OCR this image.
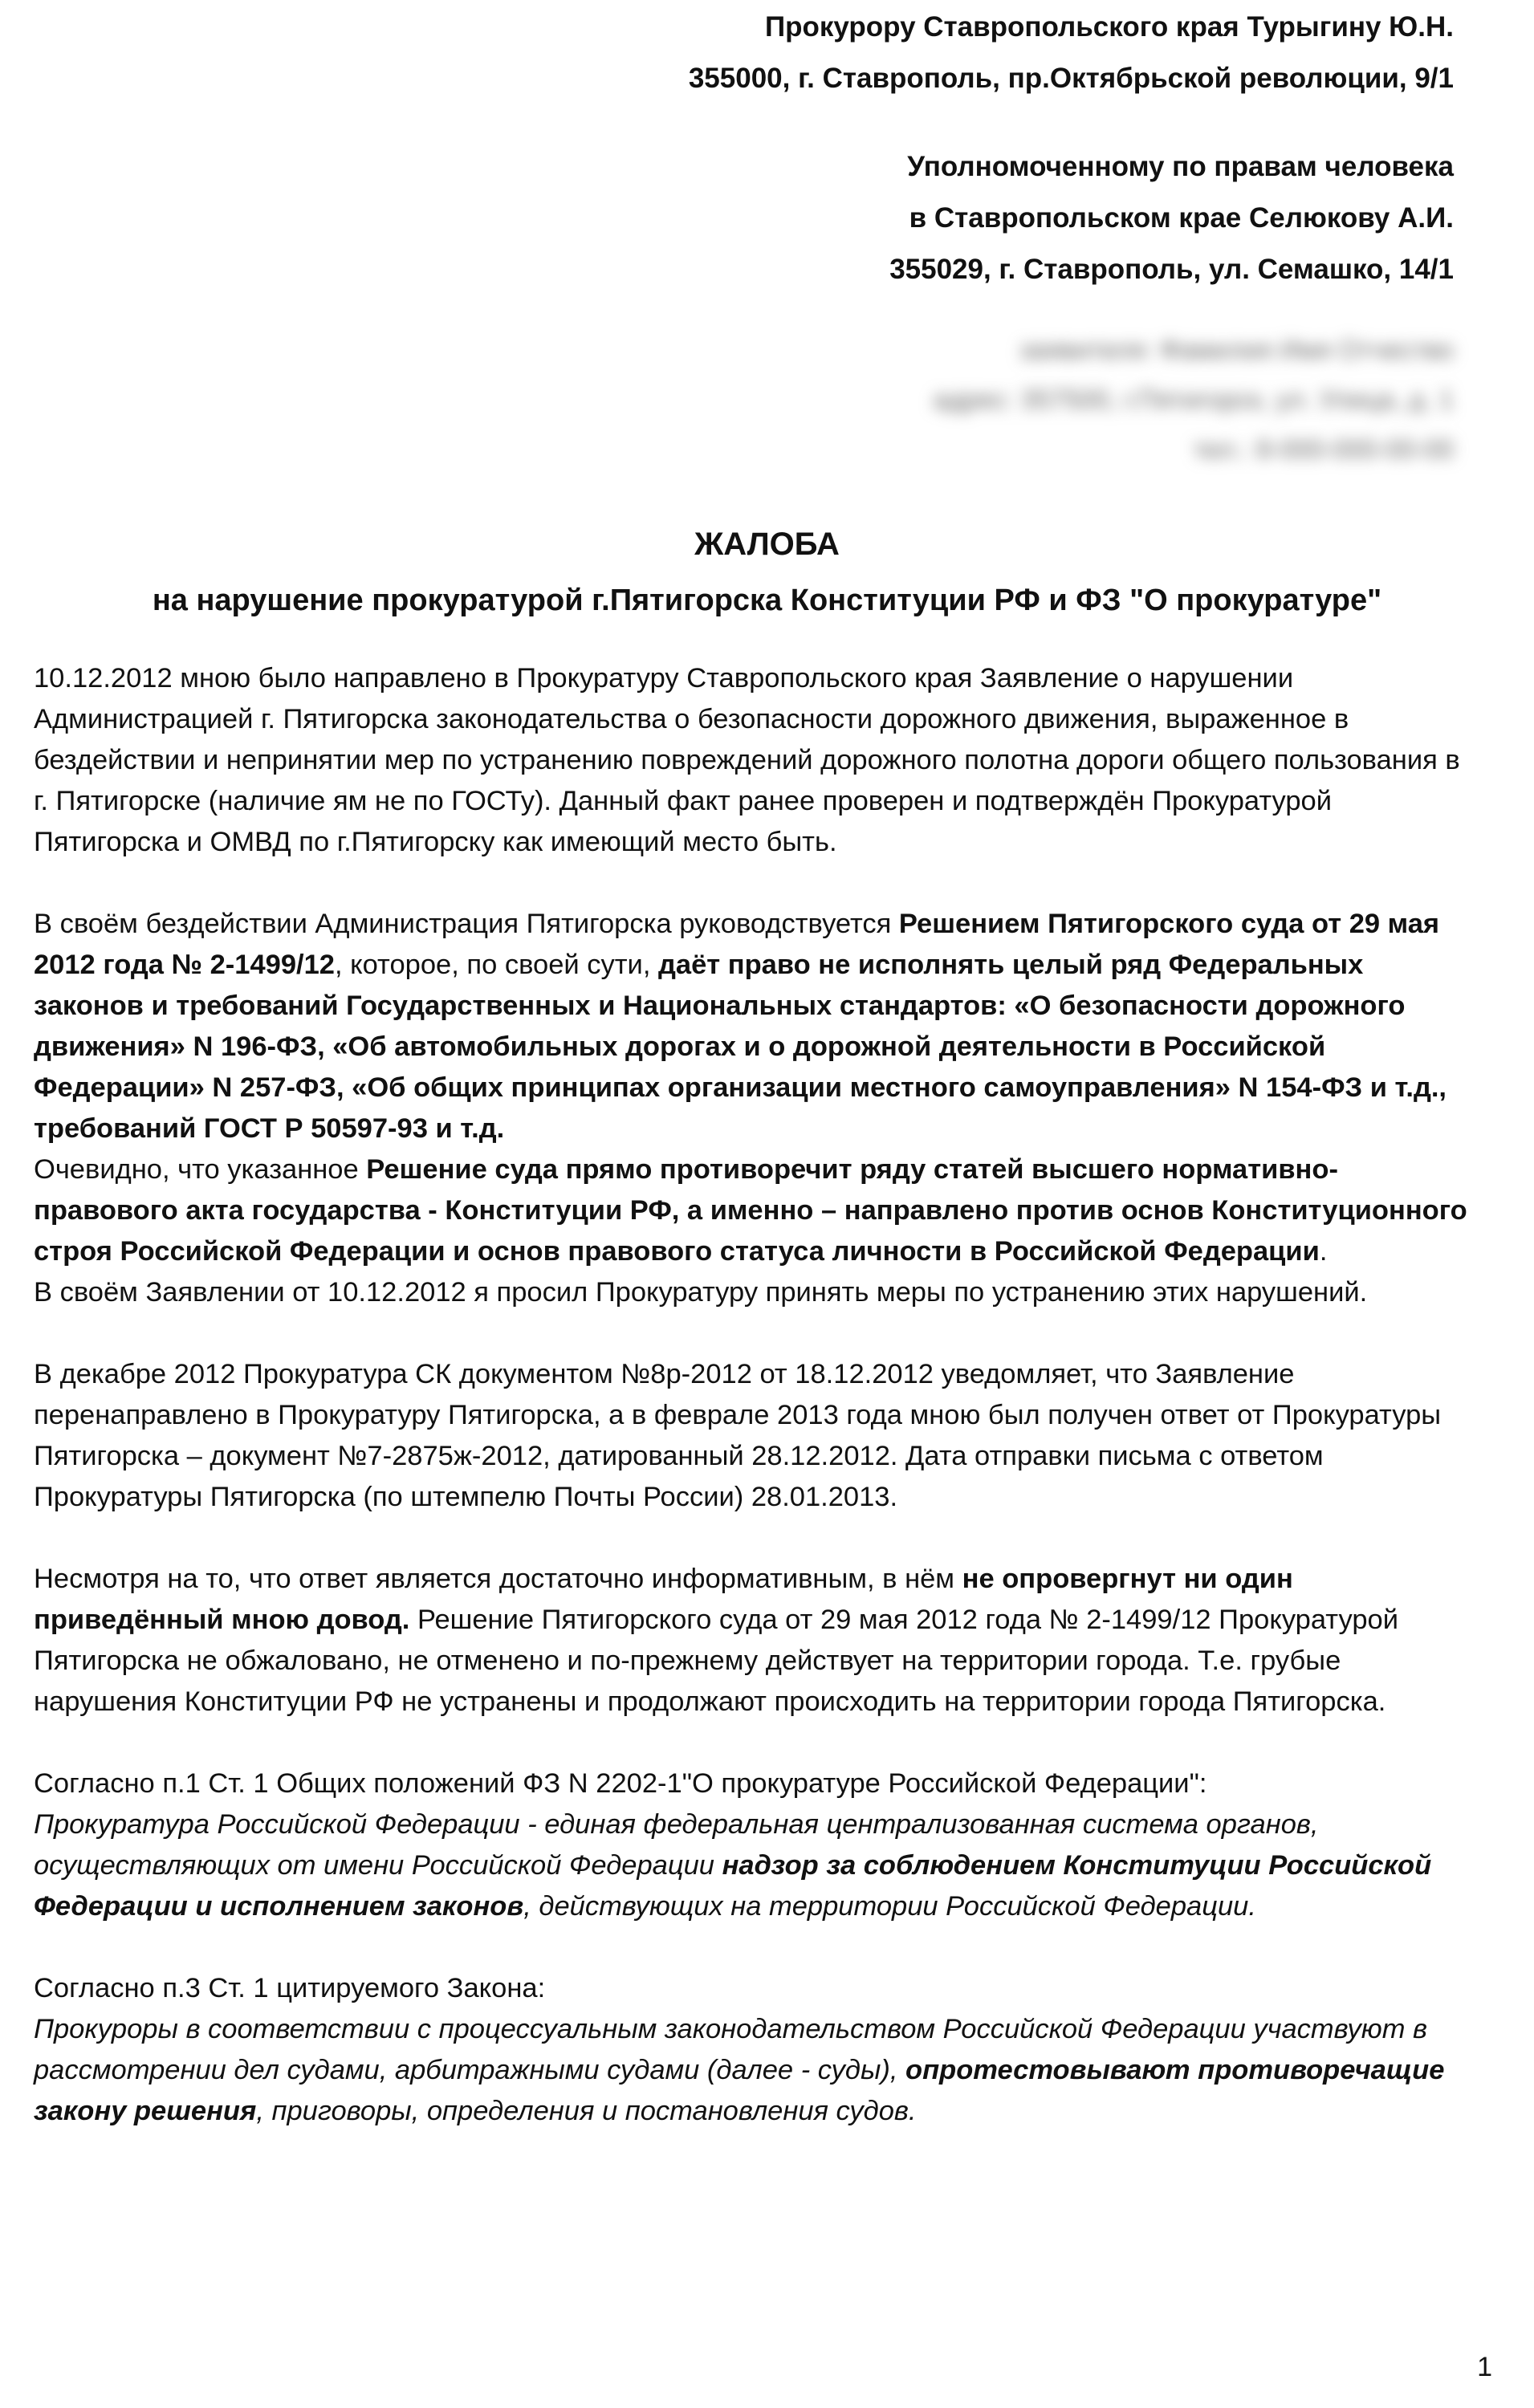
Прокурору Ставропольского края Турыгину Ю.Н.
355000, г. Ставрополь, пр.Октябрьской революции, 9/1
Уполномоченному по правам человека
в Ставропольском крае Селюкову А.И.
355029, г. Ставрополь, ул. Семашко, 14/1
заявителя: Фамилия Имя Отчество
адрес: 357500, г.Пятигорск, ул. Улица, д. 1
тел.: 8-000-000-00-00
ЖАЛОБА
на нарушение прокуратурой г.Пятигорска Конституции РФ и ФЗ "О прокуратуре"

10.12.2012 мною было направлено в Прокуратуру Ставропольского края Заявление о нарушении Администрацией г. Пятигорска законодательства о безопасности дорожного движения, выраженное в бездействии и непринятии мер по устранению повреждений дорожного полотна дороги общего пользования в г. Пятигорске (наличие ям не по ГОСТу). Данный факт ранее проверен и подтверждён Прокуратурой Пятигорска и ОМВД по г.Пятигорску как имеющий место быть.

В своём бездействии Администрация Пятигорска руководствуется Решением Пятигорского суда от 29 мая 2012 года № 2-1499/12, которое, по своей сути, даёт право не исполнять целый ряд Федеральных законов и требований Государственных и Национальных стандартов: «О безопасности дорожного движения» N 196-ФЗ, «Об автомобильных дорогах и о дорожной деятельности в Российской Федерации» N 257-ФЗ, «Об общих принципах организации местного самоуправления» N 154-ФЗ и т.д., требований ГОСТ Р 50597-93 и т.д.

Очевидно, что указанное Решение суда прямо противоречит ряду статей высшего нормативно-правового акта государства - Конституции РФ, а именно – направлено против основ Конституционного строя Российской Федерации и основ правового статуса личности в Российской Федерации.

В своём Заявлении от 10.12.2012 я просил Прокуратуру принять меры по устранению этих нарушений.

В декабре 2012 Прокуратура СК документом №8р-2012 от 18.12.2012 уведомляет, что Заявление перенаправлено в Прокуратуру Пятигорска, а в феврале 2013 года мною был получен ответ от Прокуратуры Пятигорска – документ №7-2875ж-2012, датированный 28.12.2012. Дата отправки письма с ответом Прокуратуры Пятигорска (по штемпелю Почты России) 28.01.2013.

Несмотря на то, что ответ является достаточно информативным, в нём не опровергнут ни один приведённый мною довод. Решение Пятигорского суда от 29 мая 2012 года № 2-1499/12 Прокуратурой Пятигорска не обжаловано, не отменено и по-прежнему действует на территории города. Т.е. грубые нарушения Конституции РФ не устранены и продолжают происходить на территории города Пятигорска.

Согласно п.1 Ст. 1 Общих положений ФЗ N 2202-1"О прокуратуре Российской Федерации":
Прокуратура Российской Федерации - единая федеральная централизованная система органов, осуществляющих от имени Российской Федерации надзор за соблюдением Конституции Российской Федерации и исполнением законов, действующих на территории Российской Федерации.

Согласно п.3 Ст. 1 цитируемого Закона:
Прокуроры в соответствии с процессуальным законодательством Российской Федерации участвуют в рассмотрении дел судами, арбитражными судами (далее - суды), опротестовывают противоречащие закону решения, приговоры, определения и постановления судов.

1
